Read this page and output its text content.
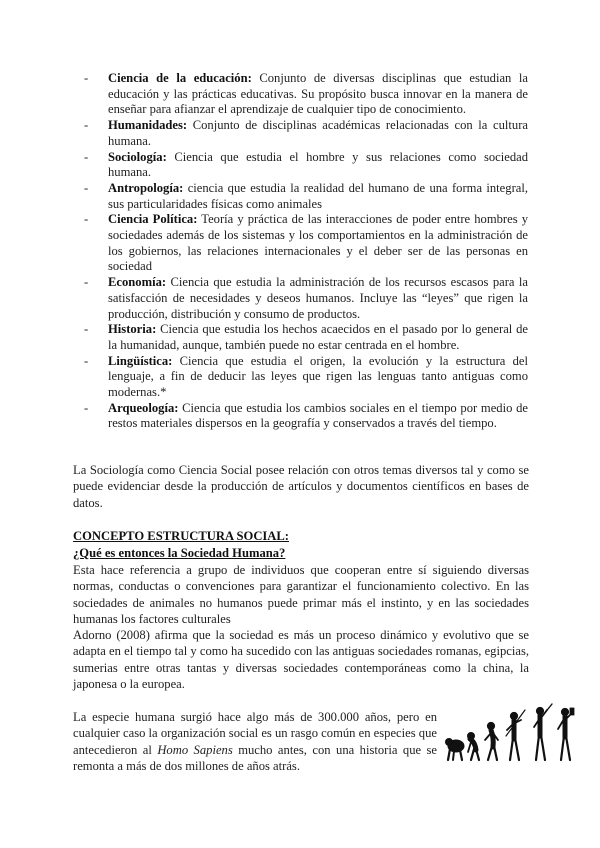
- Ciencia de la educación: Conjunto de diversas disciplinas que estudian la educación y las prácticas educativas. Su propósito busca innovar en la manera de enseñar para afianzar el aprendizaje de cualquier tipo de conocimiento.
- Humanidades: Conjunto de disciplinas académicas relacionadas con la cultura humana.
- Sociología: Ciencia que estudia el hombre y sus relaciones como sociedad humana.
- Antropología: ciencia que estudia la realidad del humano de una forma integral, sus particularidades físicas como animales
- Ciencia Política: Teoría y práctica de las interacciones de poder entre hombres y sociedades además de los sistemas y los comportamientos en la administración de los gobiernos, las relaciones internacionales y el deber ser de las personas en sociedad
- Economía: Ciencia que estudia la administración de los recursos escasos para la satisfacción de necesidades y deseos humanos. Incluye las “leyes” que rigen la producción, distribución y consumo de productos.
- Historia: Ciencia que estudia los hechos acaecidos en el pasado por lo general de la humanidad, aunque, también puede no estar centrada en el hombre.
- Lingüística: Ciencia que estudia el origen, la evolución y la estructura del lenguaje, a fin de deducir las leyes que rigen las lenguas tanto antiguas como modernas.*
- Arqueología: Ciencia que estudia los cambios sociales en el tiempo por medio de restos materiales dispersos en la geografía y conservados a través del tiempo.

La Sociología como Ciencia Social posee relación con otros temas diversos tal y como se puede evidenciar desde la producción de artículos y documentos científicos en bases de datos.

CONCEPTO ESTRUCTURA SOCIAL:

¿Qué es entonces la Sociedad Humana?

Esta hace referencia a grupo de individuos que cooperan entre sí siguiendo diversas normas, conductas o convenciones para garantizar el funcionamiento colectivo. En las sociedades de animales no humanos puede primar más el instinto, y en las sociedades humanas los factores culturales

Adorno (2008) afirma que la sociedad es más un proceso dinámico y evolutivo que se adapta en el tiempo tal y como ha sucedido con las antiguas sociedades romanas, egipcias, sumerias entre otras tantas y diversas sociedades contemporáneas como la china, la japonesa o la europea.

La especie humana surgió hace algo más de 300.000 años, pero en cualquier caso la organización social es un rasgo común en especies que antecedieron al Homo Sapiens mucho antes, con una historia que se remonta a más de dos millones de años atrás.
